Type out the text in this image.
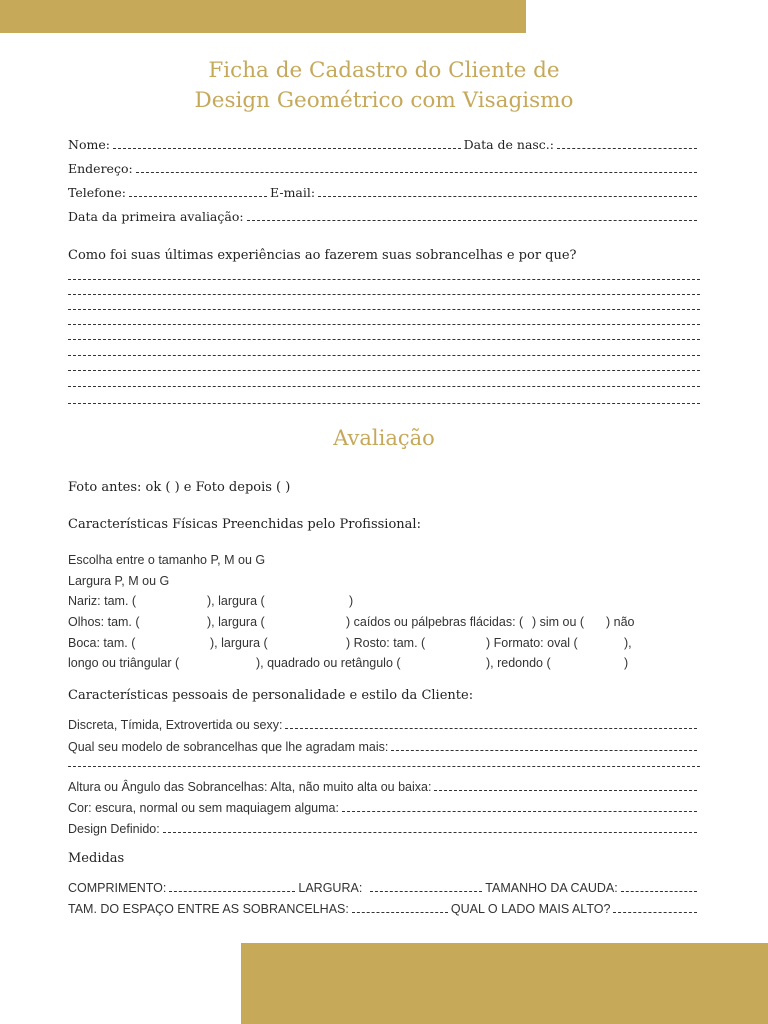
Ficha de Cadastro do Cliente de
Design Geométrico com Visagismo
Nome:	Data de nasc.:
Endereço:
Telefone:	E-mail:
Data da primeira avaliação:
Como foi suas últimas experiências ao fazerem suas sobrancelhas e por que?
Avaliação
Foto antes: ok ( ) e Foto depois ( )
Características Físicas Preenchidas pelo Profissional:
Escolha entre o tamanho P, M ou G
Largura P, M ou G
Nariz: tam. (	), largura (	)
Olhos: tam. (	), largura (	) caídos ou pálpebras flácidas: ( ) sim ou ( ) não
Boca: tam. (	), largura (	) Rosto: tam. (	) Formato: oval (	),
longo ou triângular (	), quadrado ou retângulo (	), redondo (	)
Características pessoais de personalidade e estilo da Cliente:
Discreta, Tímida, Extrovertida ou sexy:
Qual seu modelo de sobrancelhas que lhe agradam mais:
Altura ou Ângulo das Sobrancelhas: Alta, não muito alta ou baixa:
Cor: escura, normal ou sem maquiagem alguma:
Design Definido:
Medidas
COMPRIMENTO:	LARGURA:	TAMANHO DA CAUDA:
TAM. DO ESPAÇO ENTRE AS SOBRANCELHAS:	QUAL O LADO MAIS ALTO?
